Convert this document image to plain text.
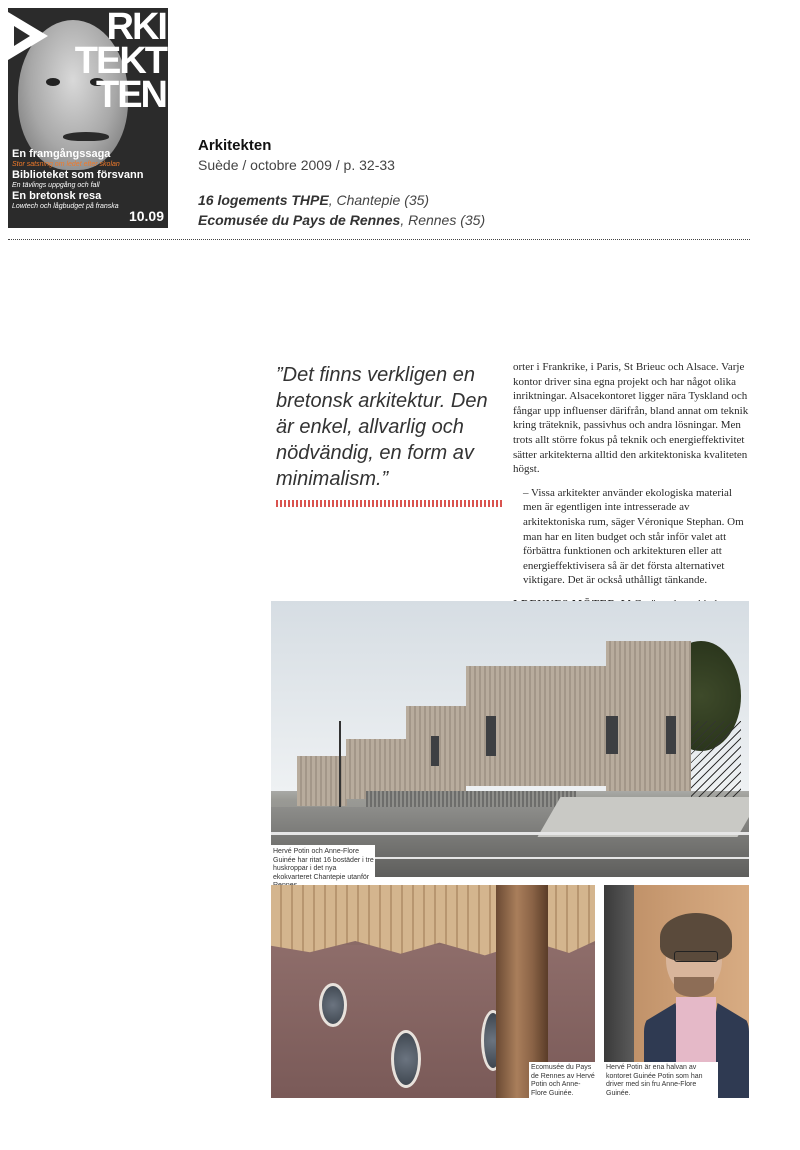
RKI
TEKT
TEN
En framgångssaga
Stor satsning om ledet efter skolan
Biblioteket som försvann
En tävlings uppgång och fall
En bretonsk resa
Lowtech och lågbudget på franska
10.09
Arkitekten
Suède / octobre 2009 / p. 32-33
16 logements THPE, Chantepie (35)
Ecomusée du Pays de Rennes, Rennes (35)
”Det finns verkligen en bretonsk arkitektur. Den är enkel, allvarlig och nödvändig, en form av minimalism.”

orter i Frankrike, i Paris, St Brieuc och Alsace. Varje kontor driver sina egna projekt och har något olika inriktningar. Alsacekontoret ligger nära Tyskland och fångar upp influenser därifrån, bland annat om teknik kring träteknik, passivhus och andra lösningar. Men trots allt större fokus på teknik och energieffektivitet sätter arkitekterna alltid den arkitektoniska kvaliteten högst.

– Vissa arkitekter använder ekologiska material men är egentligen inte intresserade av arkitektoniska rum, säger Véronique Stephan. Om man har en liten budget och står inför valet att förbättra funktionen och arkitekturen eller att energieffektivisera så är det första alternativet viktigare. Det är också uthålligt tänkande.

Hervé Potin och Anne-Flore Guinée har ritat 16 bostäder i tre huskroppar i det nya ekokvarteret Chantepie utanför
Ecomusée du Pays de Rennes av Hervé Potin och Anne-Flore Guinée.
Hervé Potin är ena halvan av kontoret Guinée Potin som han driver med sin fru Anne-Flore Guinée.
